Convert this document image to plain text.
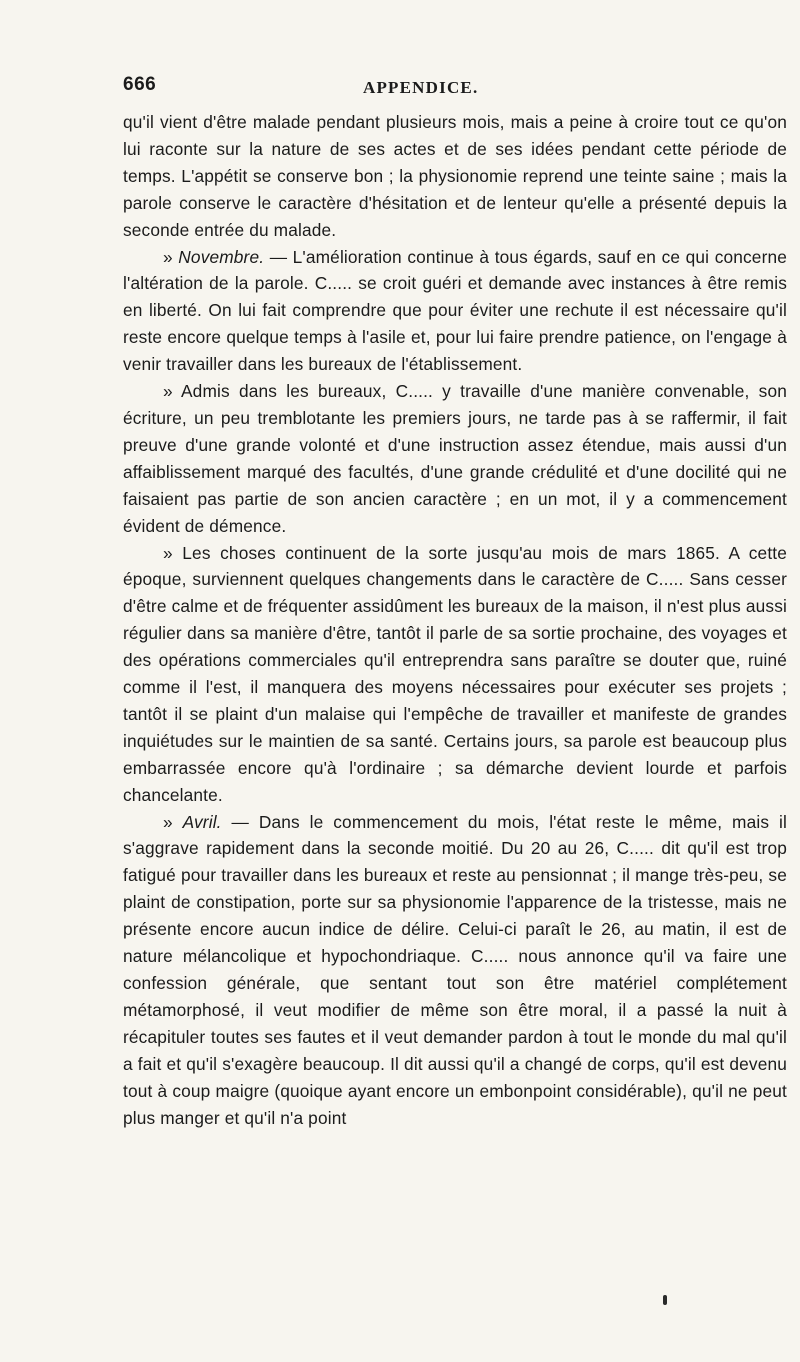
666	APPENDICE.

qu'il vient d'être malade pendant plusieurs mois, mais a peine à croire tout ce qu'on lui raconte sur la nature de ses actes et de ses idées pendant cette période de temps. L'appétit se conserve bon ; la physionomie reprend une teinte saine ; mais la parole conserve le caractère d'hésitation et de lenteur qu'elle a présenté depuis la seconde entrée du malade.

» Novembre. — L'amélioration continue à tous égards, sauf en ce qui concerne l'altération de la parole. C..... se croit guéri et demande avec instances à être remis en liberté. On lui fait comprendre que pour éviter une rechute il est nécessaire qu'il reste encore quelque temps à l'asile et, pour lui faire prendre patience, on l'engage à venir travailler dans les bureaux de l'établissement.

» Admis dans les bureaux, C..... y travaille d'une manière convenable, son écriture, un peu tremblotante les premiers jours, ne tarde pas à se raffermir, il fait preuve d'une grande volonté et d'une instruction assez étendue, mais aussi d'un affaiblissement marqué des facultés, d'une grande crédulité et d'une docilité qui ne faisaient pas partie de son ancien caractère ; en un mot, il y a commencement évident de démence.

» Les choses continuent de la sorte jusqu'au mois de mars 1865. A cette époque, surviennent quelques changements dans le caractère de C..... Sans cesser d'être calme et de fréquenter assidûment les bureaux de la maison, il n'est plus aussi régulier dans sa manière d'être, tantôt il parle de sa sortie prochaine, des voyages et des opérations commerciales qu'il entreprendra sans paraître se douter que, ruiné comme il l'est, il manquera des moyens nécessaires pour exécuter ses projets ; tantôt il se plaint d'un malaise qui l'empêche de travailler et manifeste de grandes inquiétudes sur le maintien de sa santé. Certains jours, sa parole est beaucoup plus embarrassée encore qu'à l'ordinaire ; sa démarche devient lourde et parfois chancelante.

» Avril. — Dans le commencement du mois, l'état reste le même, mais il s'aggrave rapidement dans la seconde moitié. Du 20 au 26, C..... dit qu'il est trop fatigué pour travailler dans les bureaux et reste au pensionnat ; il mange très-peu, se plaint de constipation, porte sur sa physionomie l'apparence de la tristesse, mais ne présente encore aucun indice de délire. Celui-ci paraît le 26, au matin, il est de nature mélancolique et hypochondriaque. C..... nous annonce qu'il va faire une confession générale, que sentant tout son être matériel complétement métamorphosé, il veut modifier de même son être moral, il a passé la nuit à récapituler toutes ses fautes et il veut demander pardon à tout le monde du mal qu'il a fait et qu'il s'exagère beaucoup. Il dit aussi qu'il a changé de corps, qu'il est devenu tout à coup maigre (quoique ayant encore un embonpoint considérable), qu'il ne peut plus manger et qu'il n'a point
